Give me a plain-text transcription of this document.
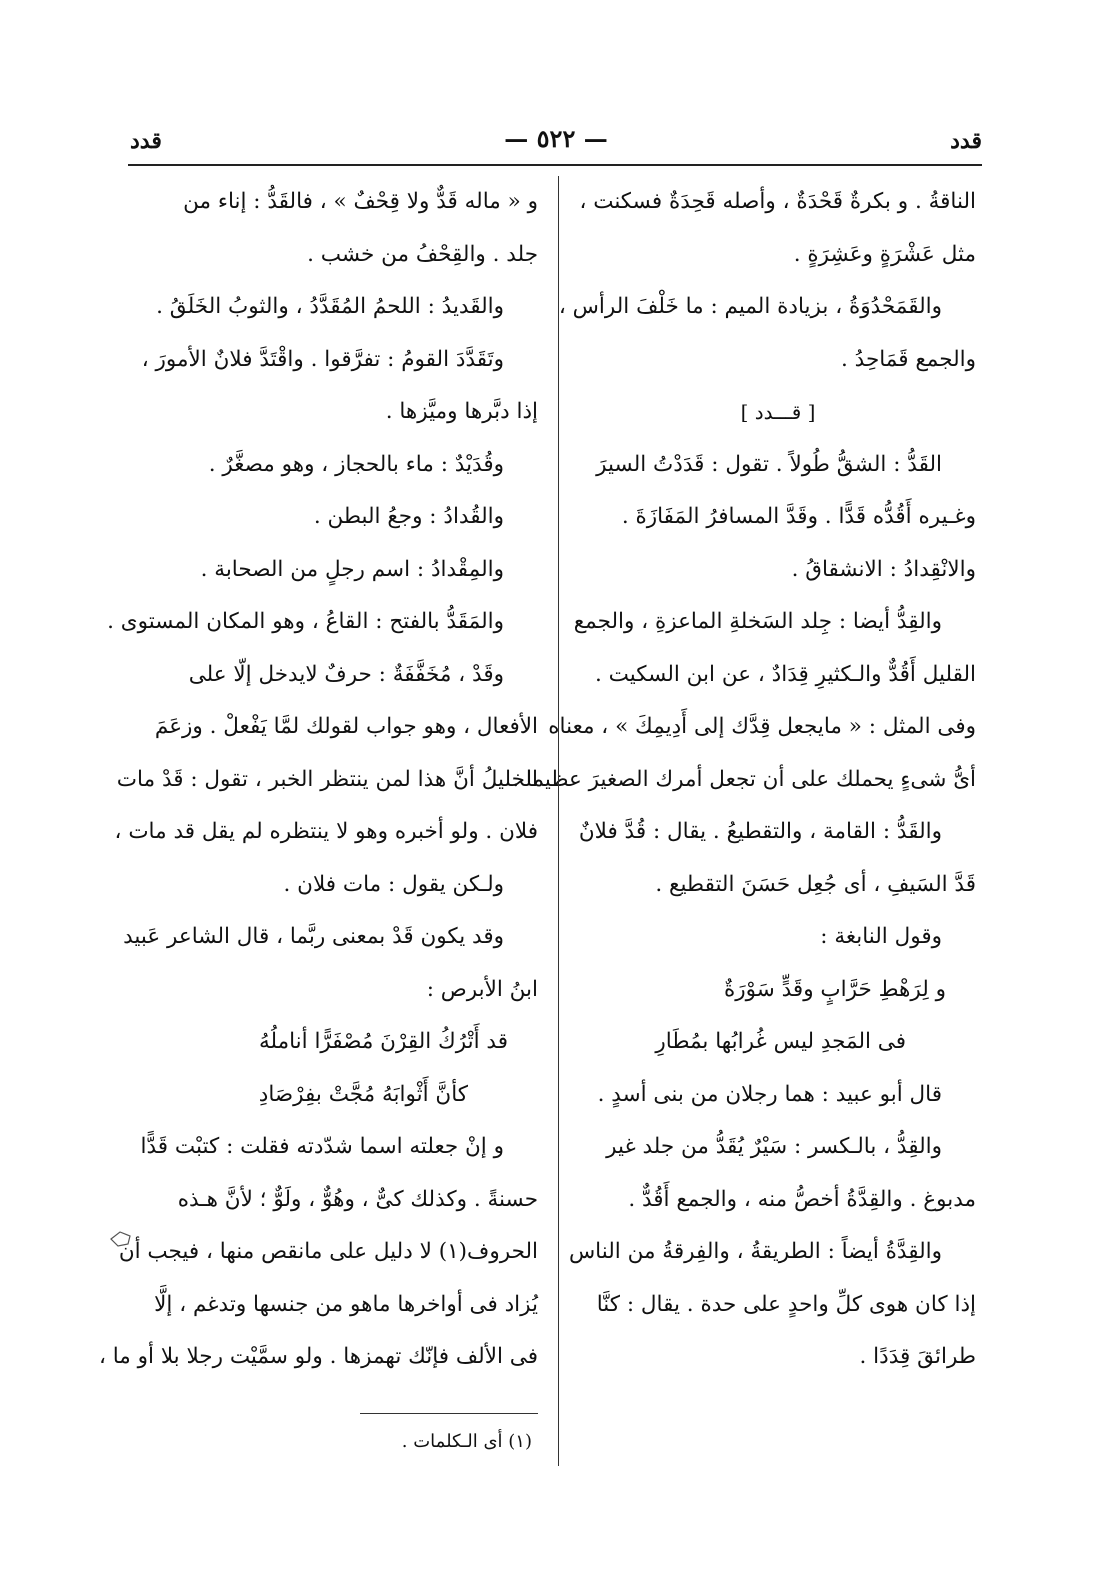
قدد
— ٥٢٢ —
قدد
الناقةُ . و بكرةٌ قَحْدَةٌ ، وأصله قَحِدَةٌ فسكنت ،
مثل عَشْرَةٍ وعَشِرَةٍ .
والقَمَحْدُوَةُ ، بزيادة الميم : ما خَلْفَ الرأس ،
والجمع قَمَاحِدُ .
[ قـــدد ]
القَدُّ : الشقُّ طُولاً . تقول : قَدَدْتُ السيرَ
وغـيره أَقُدُّه قَدًّا . وقَدَّ المسافرُ المَفَازَةَ .
والانْقِدادُ : الانشقاقُ .
والقِدُّ أيضا : جِلد السَخلةِ الماعزةِ ، والجمع
القليل أَقُدٌّ والـكثيرِ قِدَادٌ ، عن ابن السكيت .
وفى المثل : « مايجعل قِدَّك إلى أَدِيمِكَ » ، معناه
أىُّ شىءٍ يحملك على أن تجعل أمرك الصغيرَ عظيما .
والقَدُّ : القامة ، والتقطيعُ . يقال : قُدَّ فلانٌ
قَدَّ السَيفِ ، أى جُعِل حَسَنَ التقطيع .
وقول النابغة :
و لِرَهْطِ حَرَّابٍ وقَدٍّ سَوْرَةٌ
فى المَجدِ ليس غُرابُها بمُطَارِ
قال أبو عبيد : هما رجلان من بنى أسدٍ .
والقِدُّ ، بالـكسر : سَيْرٌ يُقَدُّ من جلد غير
مدبوغ . والقِدَّةُ أخصُّ منه ، والجمع أَقُدٌّ .
والقِدَّةُ أيضاً : الطريقةُ ، والفِرقةُ من الناس
إذا كان هوى كلِّ واحدٍ على حدة . يقال : كنَّا
طرائقَ قِدَدًا .
و « ماله قَدٌّ ولا قِحْفٌ » ، فالقَدُّ : إناء من
جلد . والقِحْفُ من خشب .
والقَديدُ : اللحمُ المُقَدَّدُ ، والثوبُ الخَلَقُ .
وتَقَدَّدَ القومُ : تفرَّقوا . واقْتَدَّ فلانٌ الأمورَ ،
إذا دبَّرها وميَّزها .
وقُدَيْدٌ : ماء بالحجاز ، وهو مصغَّرٌ .
والقُدادُ : وجعُ البطن .
والمِقْدادُ : اسم رجلٍ من الصحابة .
والمَقَدُّ بالفتح : القاعُ ، وهو المكان المستوى .
وقَدْ ، مُخَفَّفَةٌ : حرفٌ لايدخل إلّا على
الأفعال ، وهو جواب لقولك لمَّا يَفْعلْ . وزعَمَ
الخليلُ أنَّ هذا لمن ينتظر الخبر ، تقول : قَدْ مات
فلان . ولو أخبره وهو لا ينتظره لم يقل قد مات ،
ولـكن يقول : مات فلان .
وقد يكون قَدْ بمعنى ربَّما ، قال الشاعر عَبيد
ابنُ الأبرص :
قد أَتْرُكُ القِرْنَ مُصْفَرًّا أناملُهُ
كأنَّ أَثْوابَهُ مُجَّتْ بفِرْصَادِ
و إنْ جعلته اسما شدّدته فقلت : كتبْت قَدًّا
حسنةً . وكذلك كىٌّ ، وهُوٌّ ، ولَوٌّ ؛ لأنَّ هـذه
الحروف(١) لا دليل على مانقص منها ، فيجب أن
يُزاد فى أواخرها ماهو من جنسها وتدغم ، إلَّا
فى الألف فإنّك تهمزها . ولو سمَّيْت رجلا بلا أو ما ،
(١) أى الـكلمات .
